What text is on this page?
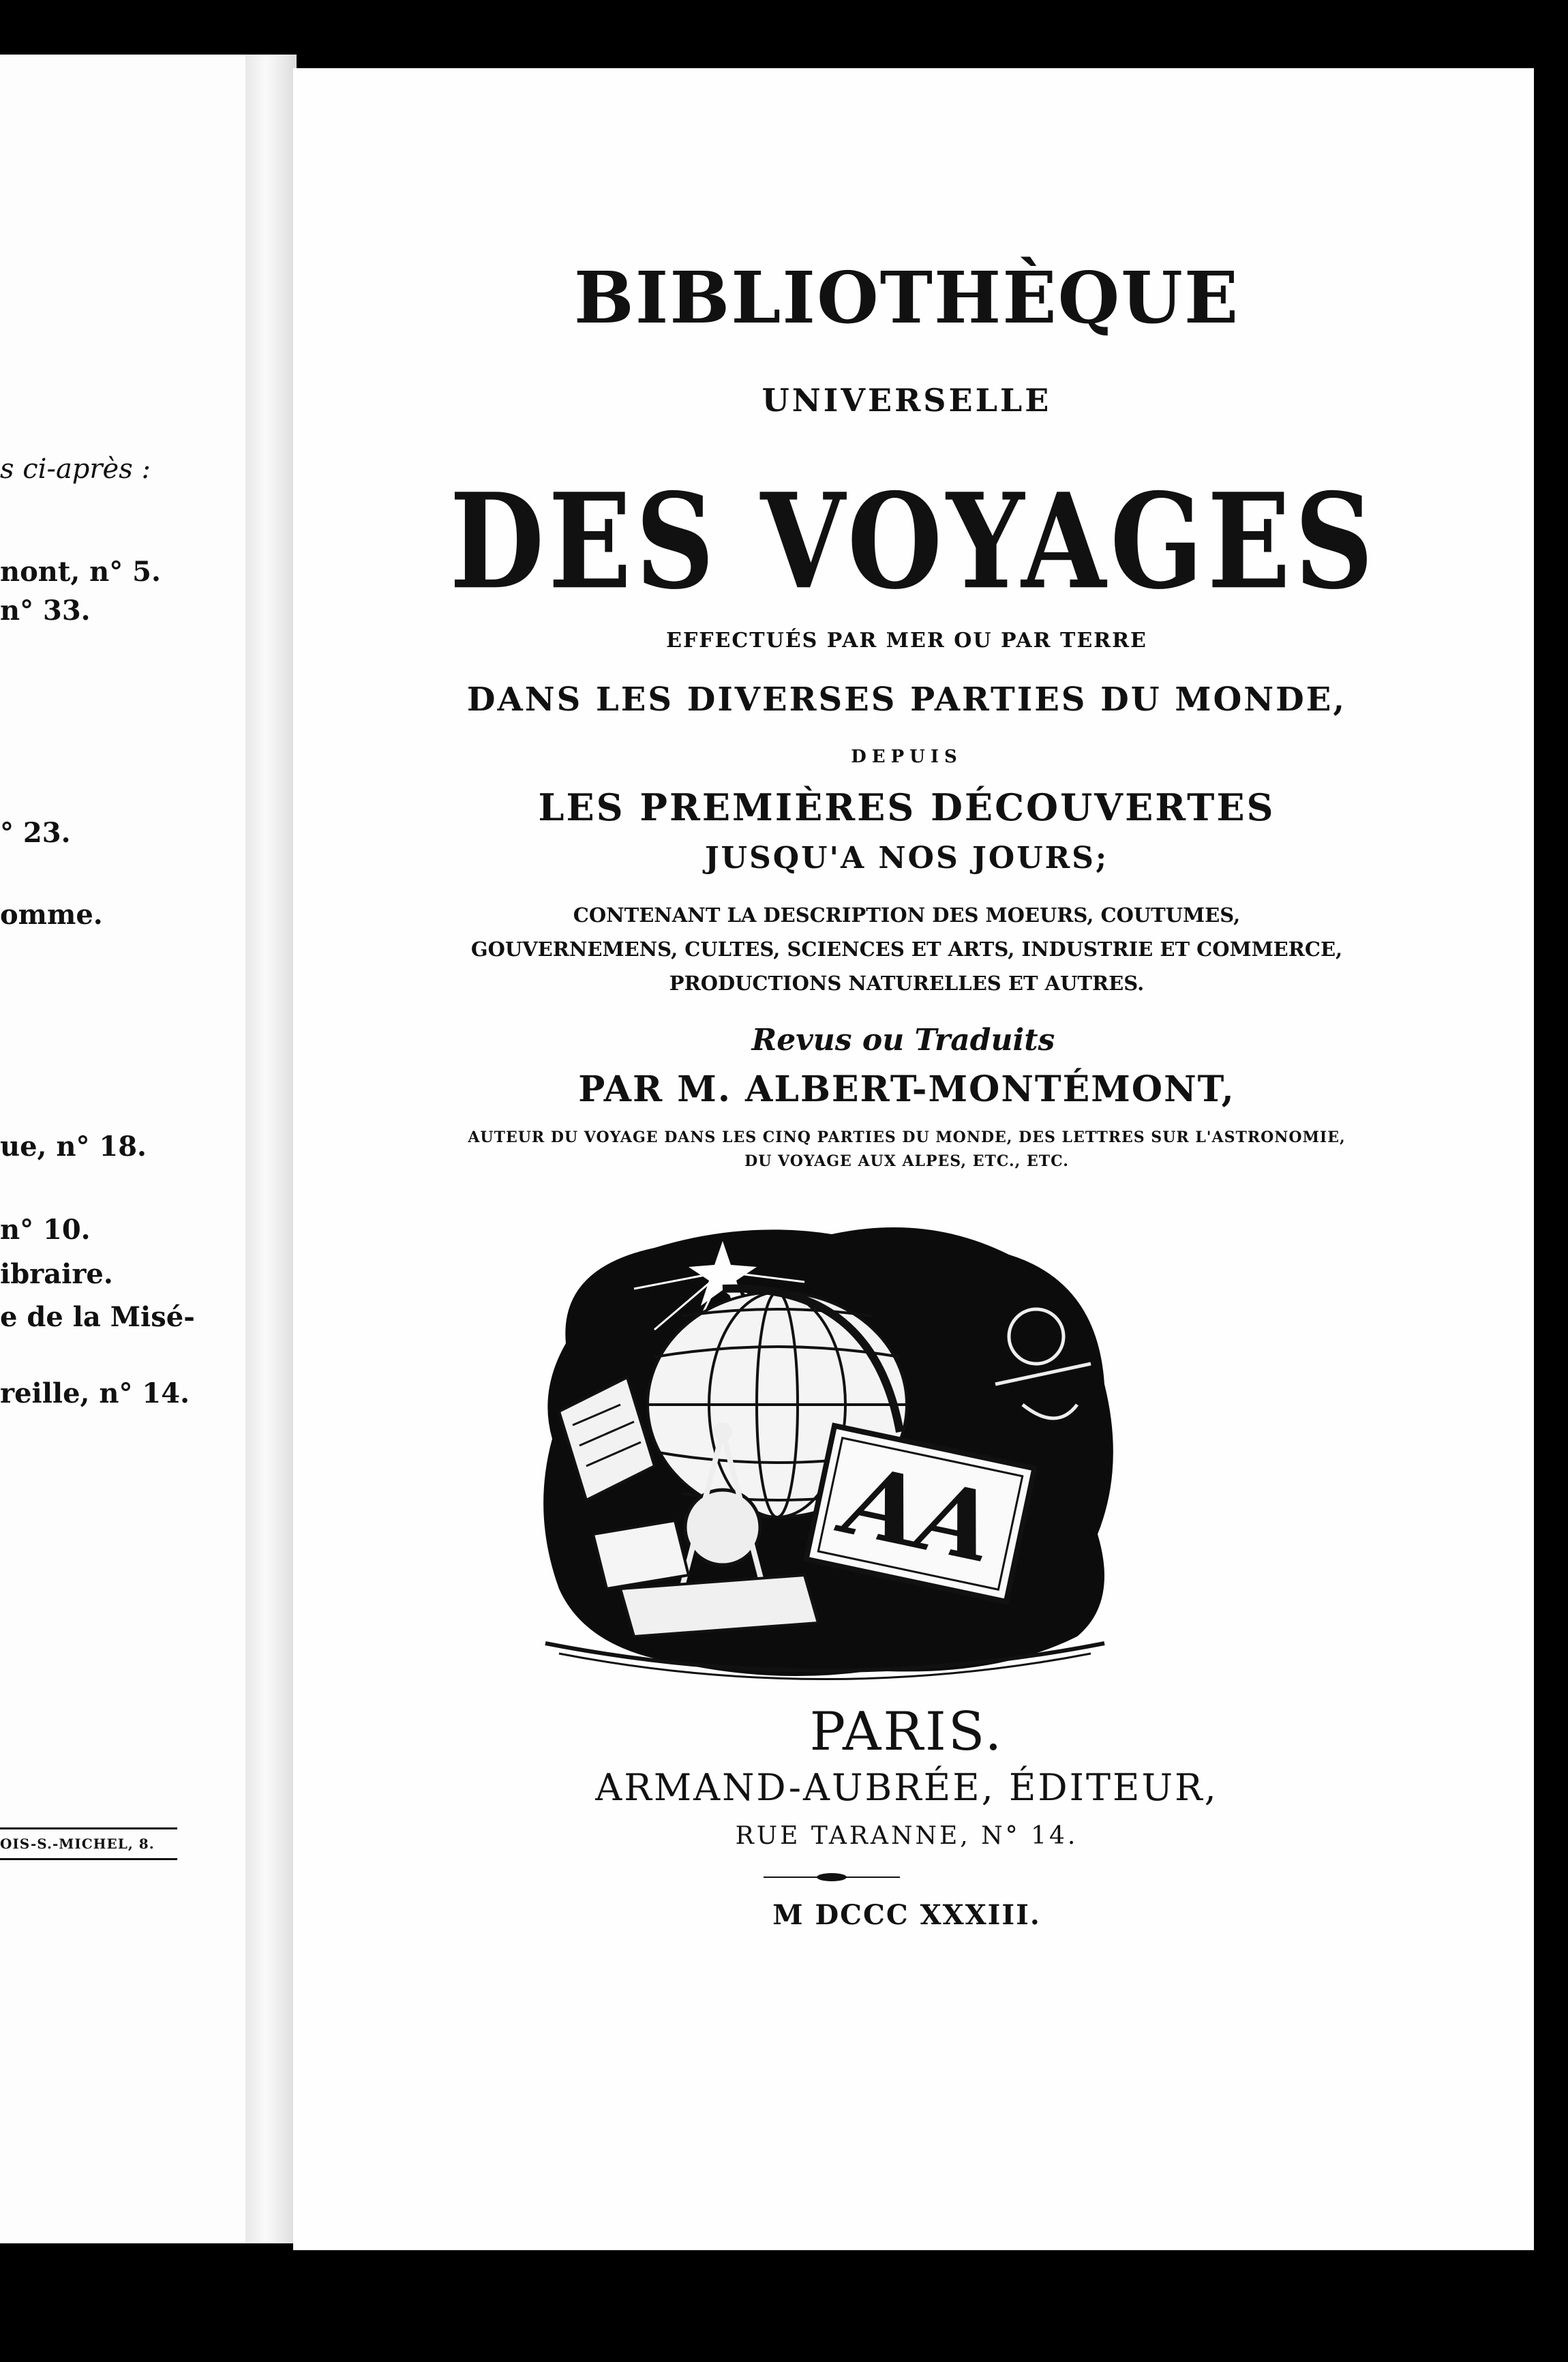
s ci-après :
nont, n° 5.
n° 33.
° 23.
omme.
ue, n° 18.
n° 10.
ibraire.
e de la Misé-
reille, n° 14.
OIS-S.-MICHEL, 8.
BIBLIOTHÈQUE
UNIVERSELLE
DES VOYAGES
EFFECTUÉS PAR MER OU PAR TERRE
DANS LES DIVERSES PARTIES DU MONDE,
DEPUIS
LES PREMIÈRES DÉCOUVERTES
JUSQU'A NOS JOURS;
CONTENANT LA DESCRIPTION DES MOEURS, COUTUMES,
GOUVERNEMENS, CULTES, SCIENCES ET ARTS, INDUSTRIE ET COMMERCE,
PRODUCTIONS NATURELLES ET AUTRES.
Revus ou Traduits
PAR M. ALBERT-MONTÉMONT,
AUTEUR DU VOYAGE DANS LES CINQ PARTIES DU MONDE, DES LETTRES SUR L'ASTRONOMIE,
DU VOYAGE AUX ALPES, ETC., ETC.
AA
PARIS.
ARMAND-AUBRÉE, ÉDITEUR,
RUE TARANNE, N° 14.
M DCCC XXXIII.
